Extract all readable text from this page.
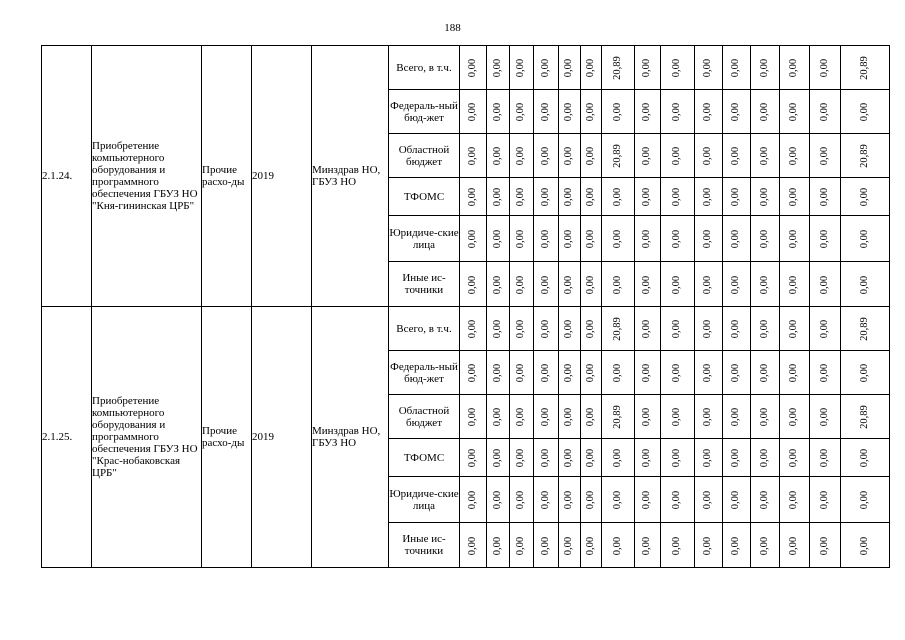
188
2.1.24.	Приобретение компьютерного оборудования и программного обеспечения ГБУЗ НО "Кня-гининская ЦРБ"	Прочие расхо-ды	2019	Минздрав НО, ГБУЗ НО	Всего, в т.ч.	0,00	0,00	0,00	0,00	0,00	0,00	20,89	0,00	0,00	0,00	0,00	0,00	0,00	0,00	20,89
					Федераль-ный бюд-жет	0,00	0,00	0,00	0,00	0,00	0,00	0,00	0,00	0,00	0,00	0,00	0,00	0,00	0,00	0,00
					Областной бюджет	0,00	0,00	0,00	0,00	0,00	0,00	20,89	0,00	0,00	0,00	0,00	0,00	0,00	0,00	20,89
					ТФОМС	0,00	0,00	0,00	0,00	0,00	0,00	0,00	0,00	0,00	0,00	0,00	0,00	0,00	0,00	0,00
					Юридиче-ские лица	0,00	0,00	0,00	0,00	0,00	0,00	0,00	0,00	0,00	0,00	0,00	0,00	0,00	0,00	0,00
					Иные ис-точники	0,00	0,00	0,00	0,00	0,00	0,00	0,00	0,00	0,00	0,00	0,00	0,00	0,00	0,00	0,00
2.1.25.	Приобретение компьютерного оборудования и программного обеспечения ГБУЗ НО "Крас-нобаковская ЦРБ"	Прочие расхо-ды	2019	Минздрав НО, ГБУЗ НО	Всего, в т.ч.	0,00	0,00	0,00	0,00	0,00	0,00	20,89	0,00	0,00	0,00	0,00	0,00	0,00	0,00	20,89
					Федераль-ный бюд-жет	0,00	0,00	0,00	0,00	0,00	0,00	0,00	0,00	0,00	0,00	0,00	0,00	0,00	0,00	0,00
					Областной бюджет	0,00	0,00	0,00	0,00	0,00	0,00	20,89	0,00	0,00	0,00	0,00	0,00	0,00	0,00	20,89
					ТФОМС	0,00	0,00	0,00	0,00	0,00	0,00	0,00	0,00	0,00	0,00	0,00	0,00	0,00	0,00	0,00
					Юридиче-ские лица	0,00	0,00	0,00	0,00	0,00	0,00	0,00	0,00	0,00	0,00	0,00	0,00	0,00	0,00	0,00
					Иные ис-точники	0,00	0,00	0,00	0,00	0,00	0,00	0,00	0,00	0,00	0,00	0,00	0,00	0,00	0,00	0,00
